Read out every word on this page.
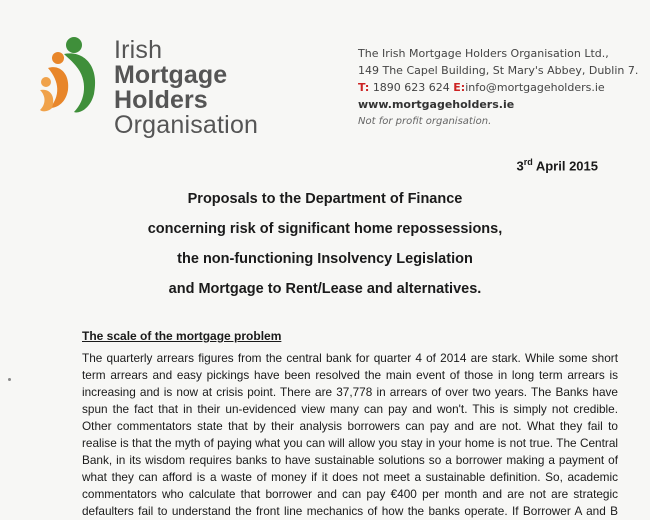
Irish
Mortgage Holders
Organisation
The Irish Mortgage Holders Organisation Ltd.,
149 The Capel Building, St Mary's Abbey, Dublin 7.
T: 1890 623 624 E:info@mortgageholders.ie
www.mortgageholders.ie
Not for profit organisation.
3rd April 2015
Proposals to the Department of Finance
concerning risk of significant home repossessions,
the non-functioning Insolvency Legislation
and Mortgage to Rent/Lease and alternatives.
The scale of the mortgage problem
The quarterly arrears figures from the central bank for quarter 4 of 2014 are stark. While some short
term arrears and easy pickings have been resolved the main event of those in long term arrears is
increasing and is now at crisis point. There are 37,778 in arrears of over two years. The Banks have
spun the fact that in their un-evidenced view many can pay and won't. This is simply not credible.
Other commentators state that by their analysis borrowers can pay and are not. What they fail to
realise is that the myth of paying what you can will allow you stay in your home is not true. The Central
Bank, in its wisdom requires banks to have sustainable solutions so a borrower making a payment of
what they can afford is a waste of money if it does not meet a sustainable definition. So, academic
commentators who calculate that borrower and can pay €400 per month and are not are strategic
defaulters fail to understand the front line mechanics of how the banks operate. If Borrower A and B
